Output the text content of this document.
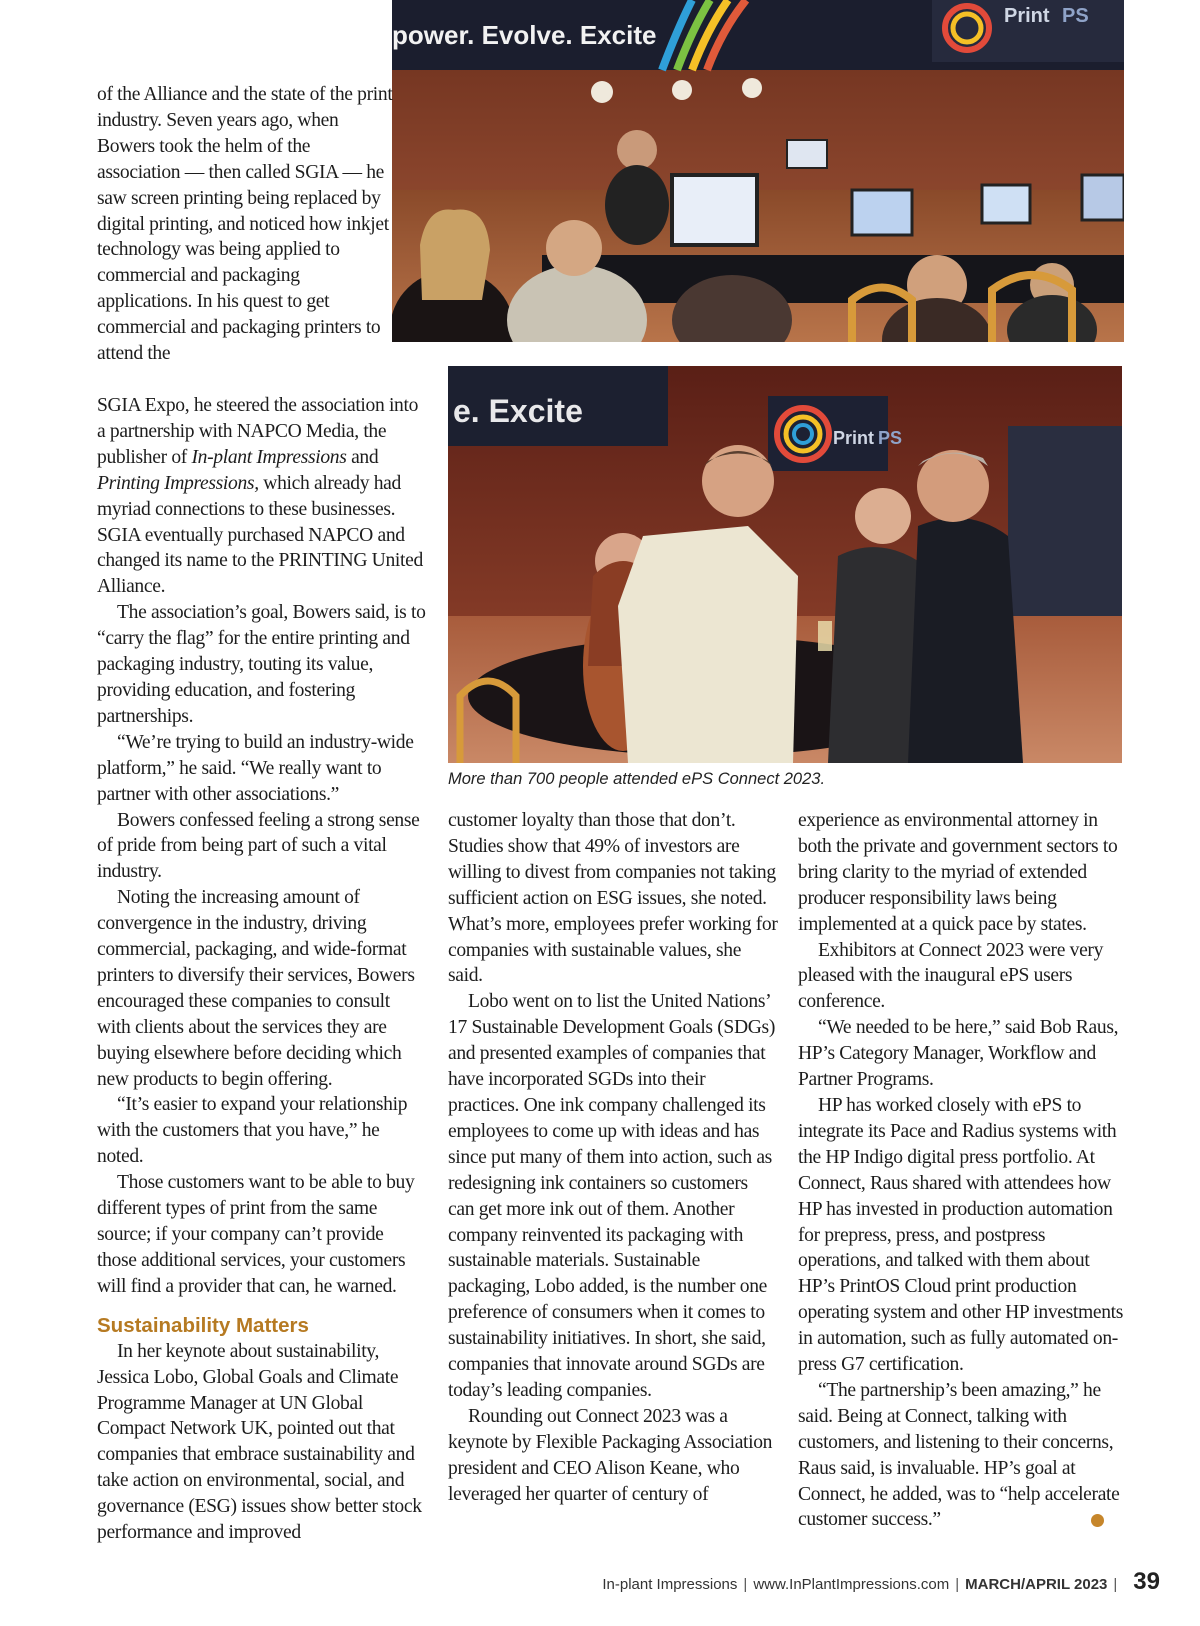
power. Evolve. Excite
Print PS
e. Excite
Print PS
More than 700 people attended ePS Connect 2023.

of the Alliance and the state of the print industry. Seven years ago, when Bowers took the helm of the association — then called SGIA — he saw screen printing being replaced by digital printing, and noticed how inkjet technology was being applied to commercial and packaging applications. In his quest to get commercial and packaging printers to attend the

SGIA Expo, he steered the association into a partnership with NAPCO Media, the publisher of In-plant Impressions and Printing Impressions, which already had myriad connections to these businesses. SGIA eventually purchased NAPCO and changed its name to the PRINTING United Alliance.

The association’s goal, Bowers said, is to “carry the flag” for the entire printing and packaging industry, touting its value, providing education, and fostering partnerships.

“We’re trying to build an industry-wide platform,” he said. “We really want to partner with other associations.”

Bowers confessed feeling a strong sense of pride from being part of such a vital industry.

Noting the increasing amount of convergence in the industry, driving commercial, packaging, and wide-format printers to diversify their services, Bowers encouraged these companies to consult with clients about the services they are buying elsewhere before deciding which new products to begin offering.

“It’s easier to expand your relationship with the customers that you have,” he noted.

Those customers want to be able to buy different types of print from the same source; if your company can’t provide those additional services, your customers will find a provider that can, he warned.

Sustainability Matters

In her keynote about sustainability, Jessica Lobo, Global Goals and Climate Programme Manager at UN Global Compact Network UK, pointed out that companies that embrace sustainability and take action on environmental, social, and governance (ESG) issues show better stock performance and improved

customer loyalty than those that don’t. Studies show that 49% of investors are willing to divest from companies not taking sufficient action on ESG issues, she noted. What’s more, employees prefer working for companies with sustainable values, she said.

Lobo went on to list the United Nations’ 17 Sustainable Development Goals (SDGs) and presented examples of companies that have incorporated SGDs into their practices. One ink company challenged its employees to come up with ideas and has since put many of them into action, such as redesigning ink containers so customers can get more ink out of them. Another company reinvented its packaging with sustainable materials. Sustainable packaging, Lobo added, is the number one preference of consumers when it comes to sustainability initiatives. In short, she said, companies that innovate around SGDs are today’s leading companies.

Rounding out Connect 2023 was a keynote by Flexible Packaging Association president and CEO Alison Keane, who leveraged her quarter of century of

experience as environmental attorney in both the private and government sectors to bring clarity to the myriad of extended producer responsibility laws being implemented at a quick pace by states.

Exhibitors at Connect 2023 were very pleased with the inaugural ePS users conference.

“We needed to be here,” said Bob Raus, HP’s Category Manager, Workflow and Partner Programs.

HP has worked closely with ePS to integrate its Pace and Radius systems with the HP Indigo digital press portfolio. At Connect, Raus shared with attendees how HP has invested in production automation for prepress, press, and postpress operations, and talked with them about HP’s PrintOS Cloud print production operating system and other HP investments in automation, such as fully automated on-press G7 certification.

“The partnership’s been amazing,” he said. Being at Connect, talking with customers, and listening to their concerns, Raus said, is invaluable. HP’s goal at Connect, he added, was to “help accelerate customer success.”

In-plant Impressions | www.InPlantImpressions.com | MARCH/APRIL 2023 | 39
